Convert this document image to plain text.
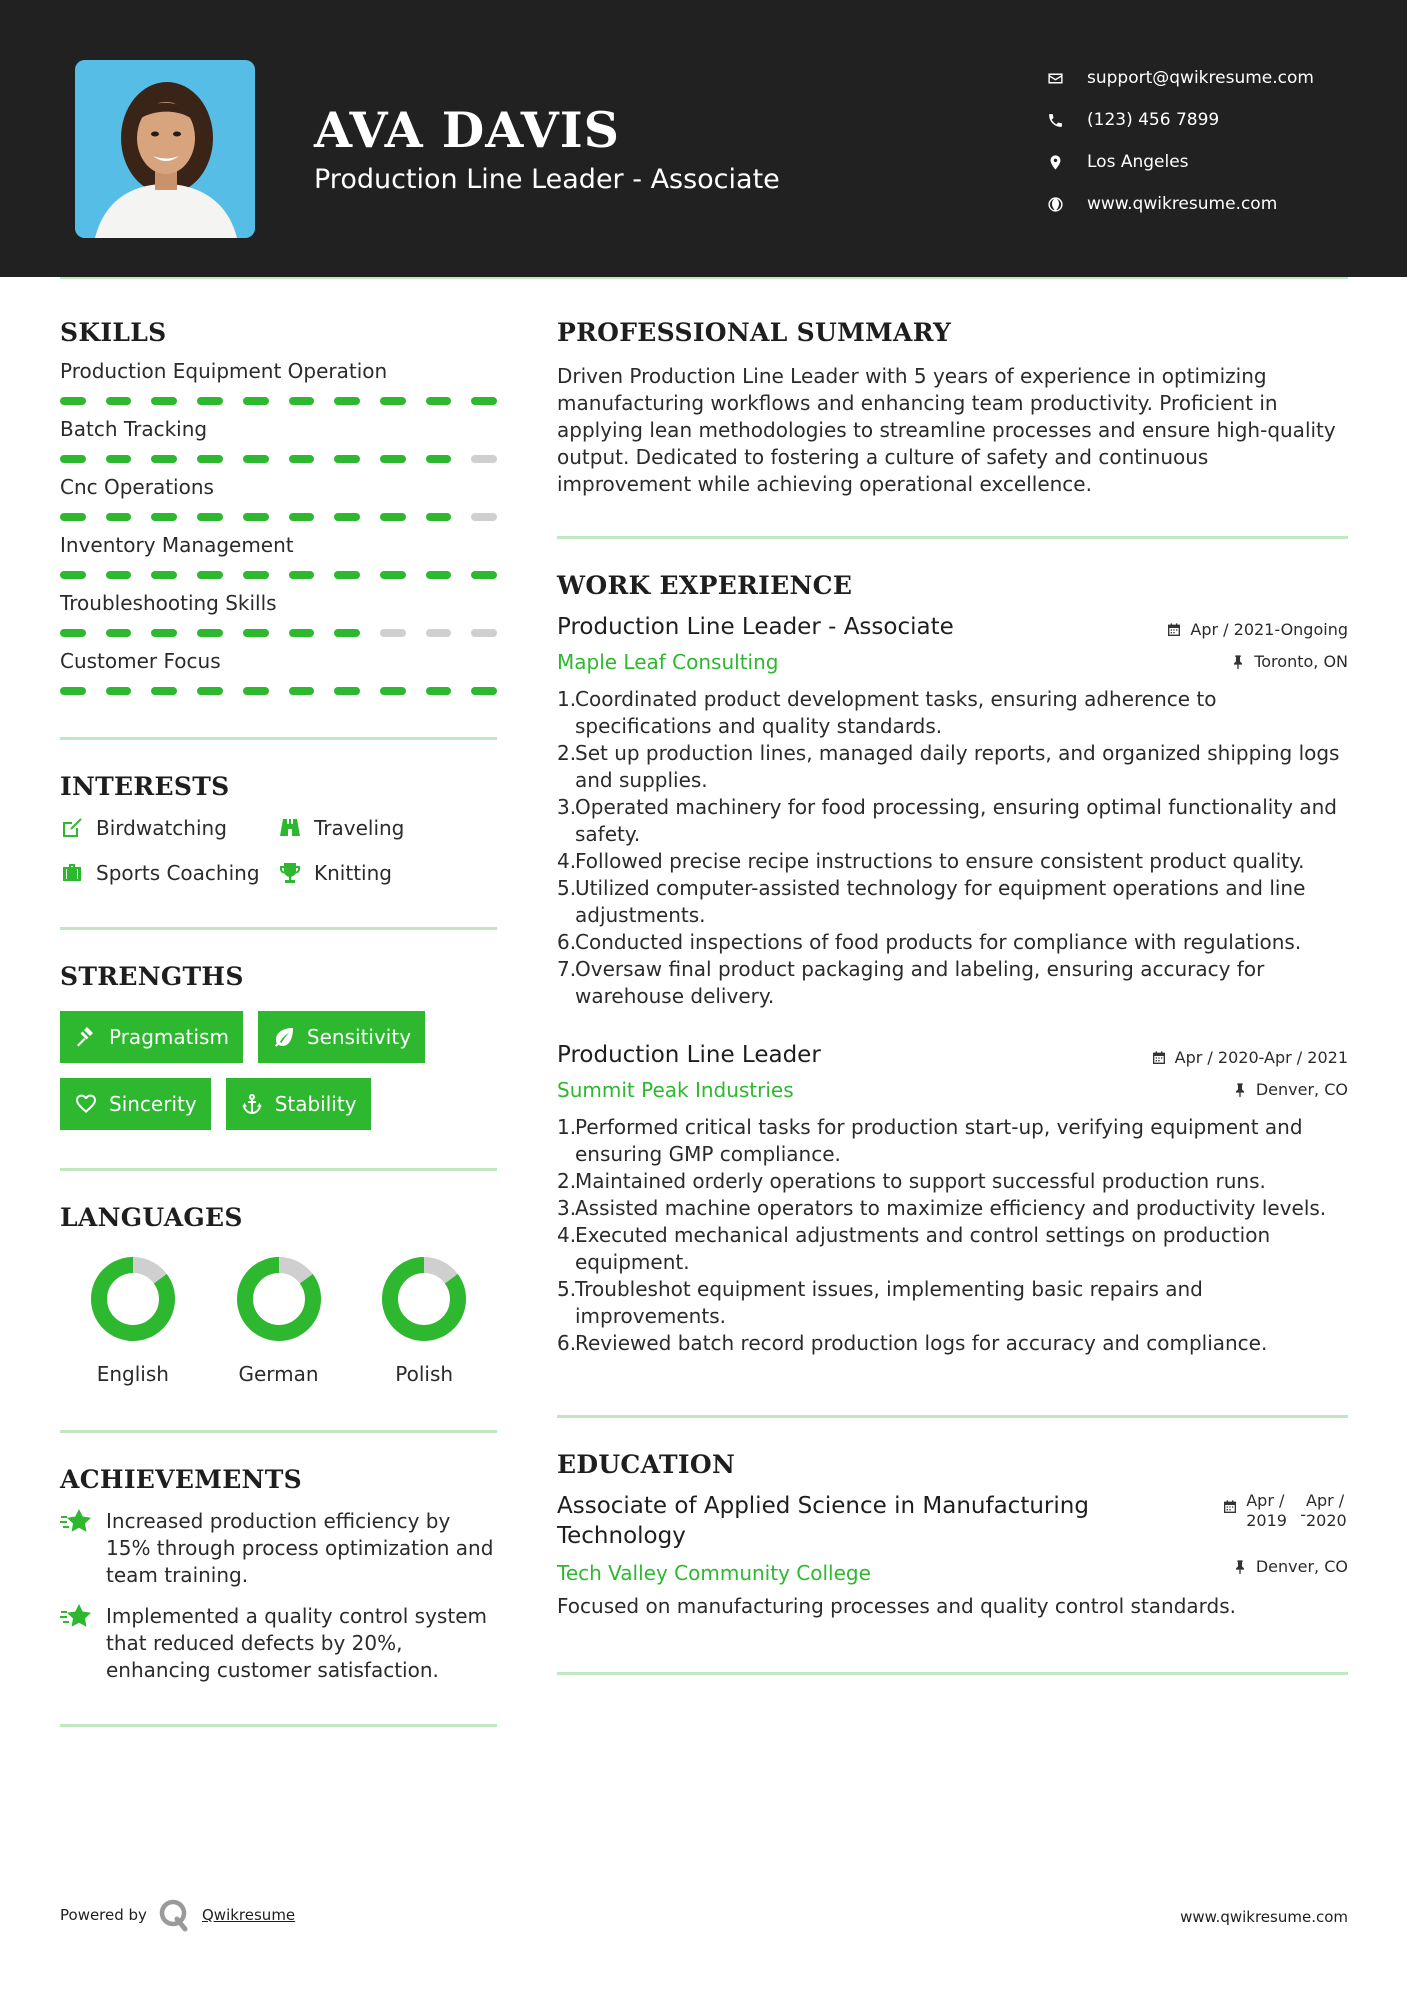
AVA DAVIS
Production Line Leader - Associate
support@qwikresume.com
(123) 456 7899
Los Angeles
www.qwikresume.com
SKILLS
Production Equipment Operation
Batch Tracking
Cnc Operations
Inventory Management
Troubleshooting Skills
Customer Focus
INTERESTS
Birdwatching	Traveling
Sports Coaching	Knitting
STRENGTHS
Pragmatism	Sensitivity
Sincerity	Stability
LANGUAGES
English	German	Polish
ACHIEVEMENTS
Increased production efficiency by 15% through process optimization and team training.
Implemented a quality control system that reduced defects by 20%, enhancing customer satisfaction.
PROFESSIONAL SUMMARY
Driven Production Line Leader with 5 years of experience in optimizing manufacturing workflows and enhancing team productivity. Proficient in applying lean methodologies to streamline processes and ensure high-quality output. Dedicated to fostering a culture of safety and continuous improvement while achieving operational excellence.
WORK EXPERIENCE
Production Line Leader - Associate
Maple Leaf Consulting
Apr / 2021-Ongoing
Toronto, ON
1.
Coordinated product development tasks, ensuring adherence to specifications and quality standards.
2.
Set up production lines, managed daily reports, and organized shipping logs and supplies.
3.
Operated machinery for food processing, ensuring optimal functionality and safety.
4.
Followed precise recipe instructions to ensure consistent product quality.
5.
Utilized computer-assisted technology for equipment operations and line adjustments.
6.
Conducted inspections of food products for compliance with regulations.
7.
Oversaw final product packaging and labeling, ensuring accuracy for warehouse delivery.
Production Line Leader
Summit Peak Industries
Apr / 2020-Apr / 2021
Denver, CO
1.
Performed critical tasks for production start-up, verifying equipment and ensuring GMP compliance.
2.
Maintained orderly operations to support successful production runs.
3.
Assisted machine operators to maximize efficiency and productivity levels.
4.
Executed mechanical adjustments and control settings on production equipment.
5.
Troubleshot equipment issues, implementing basic repairs and improvements.
6.
Reviewed batch record production logs for accuracy and compliance.
EDUCATION
Associate of Applied Science in Manufacturing Technology
Tech Valley Community College
Apr / 2019 -
Apr / 2020
Denver, CO
Focused on manufacturing processes and quality control standards.
Powered by	Qwikresume	www.qwikresume.com
